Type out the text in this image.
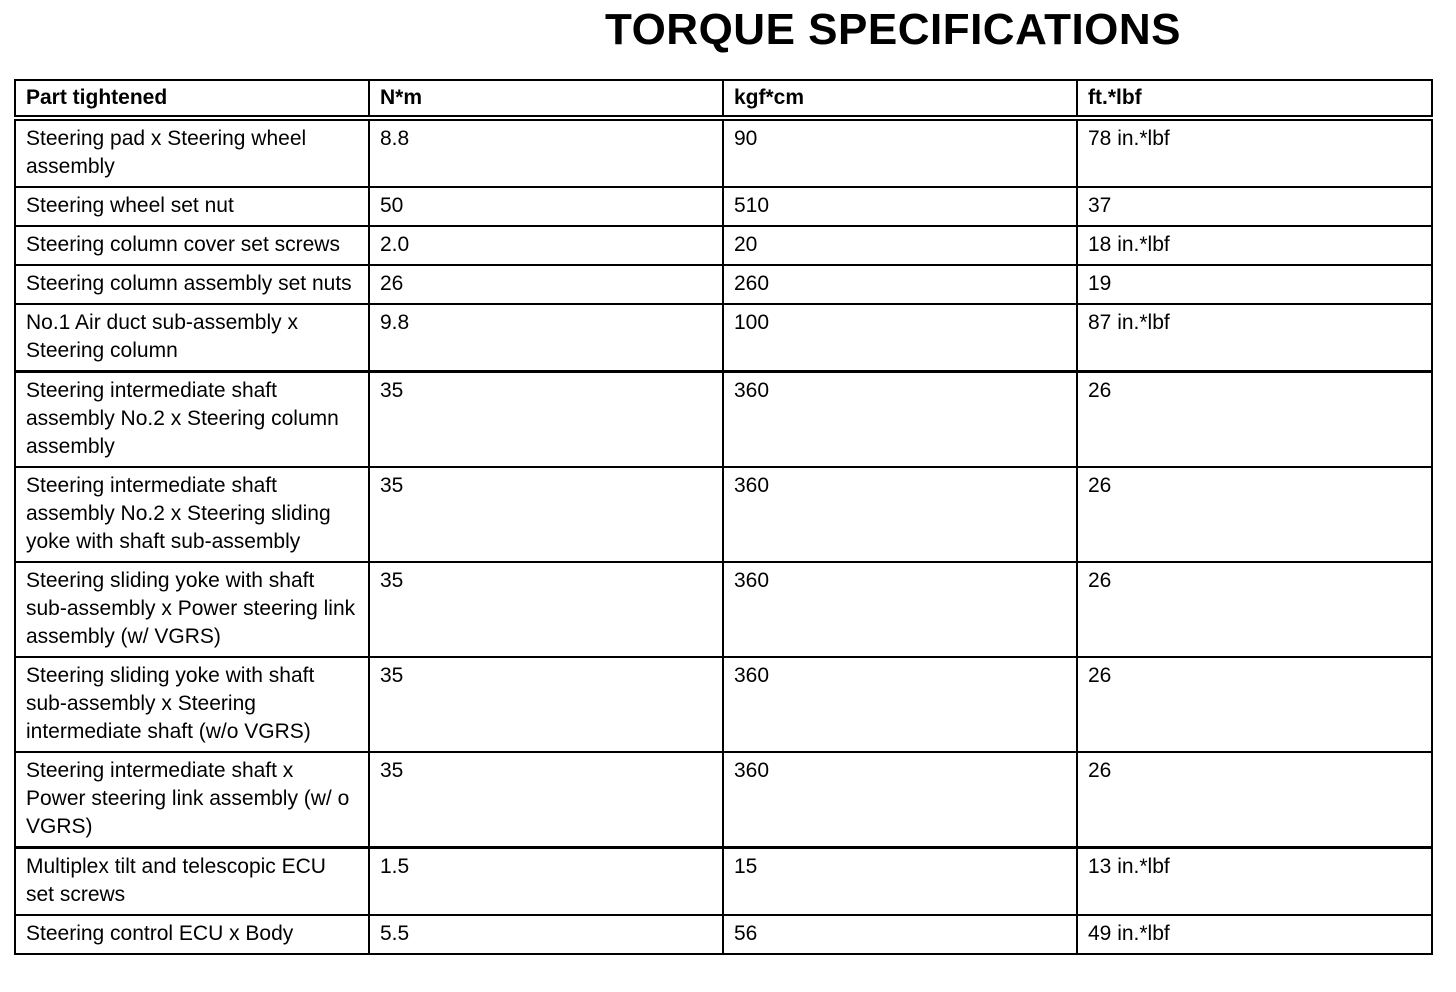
TORQUE SPECIFICATIONS
Part tightened	N*m	kgf*cm	ft.*lbf
Steering pad x Steering wheel assembly	8.8	90	78 in.*lbf
Steering wheel set nut	50	510	37
Steering column cover set screws	2.0	20	18 in.*lbf
Steering column assembly set nuts	26	260	19
No.1 Air duct sub-assembly x Steering column	9.8	100	87 in.*lbf
Steering intermediate shaft assembly No.2 x Steering column assembly	35	360	26
Steering intermediate shaft assembly No.2 x Steering sliding yoke with shaft sub-assembly	35	360	26
Steering sliding yoke with shaft sub-assembly x Power steering link assembly (w/ VGRS)	35	360	26
Steering sliding yoke with shaft sub-assembly x Steering intermediate shaft (w/o VGRS)	35	360	26
Steering intermediate shaft x Power steering link assembly (w/ o VGRS)	35	360	26
Multiplex tilt and telescopic ECU set screws	1.5	15	13 in.*lbf
Steering control ECU x Body	5.5	56	49 in.*lbf
